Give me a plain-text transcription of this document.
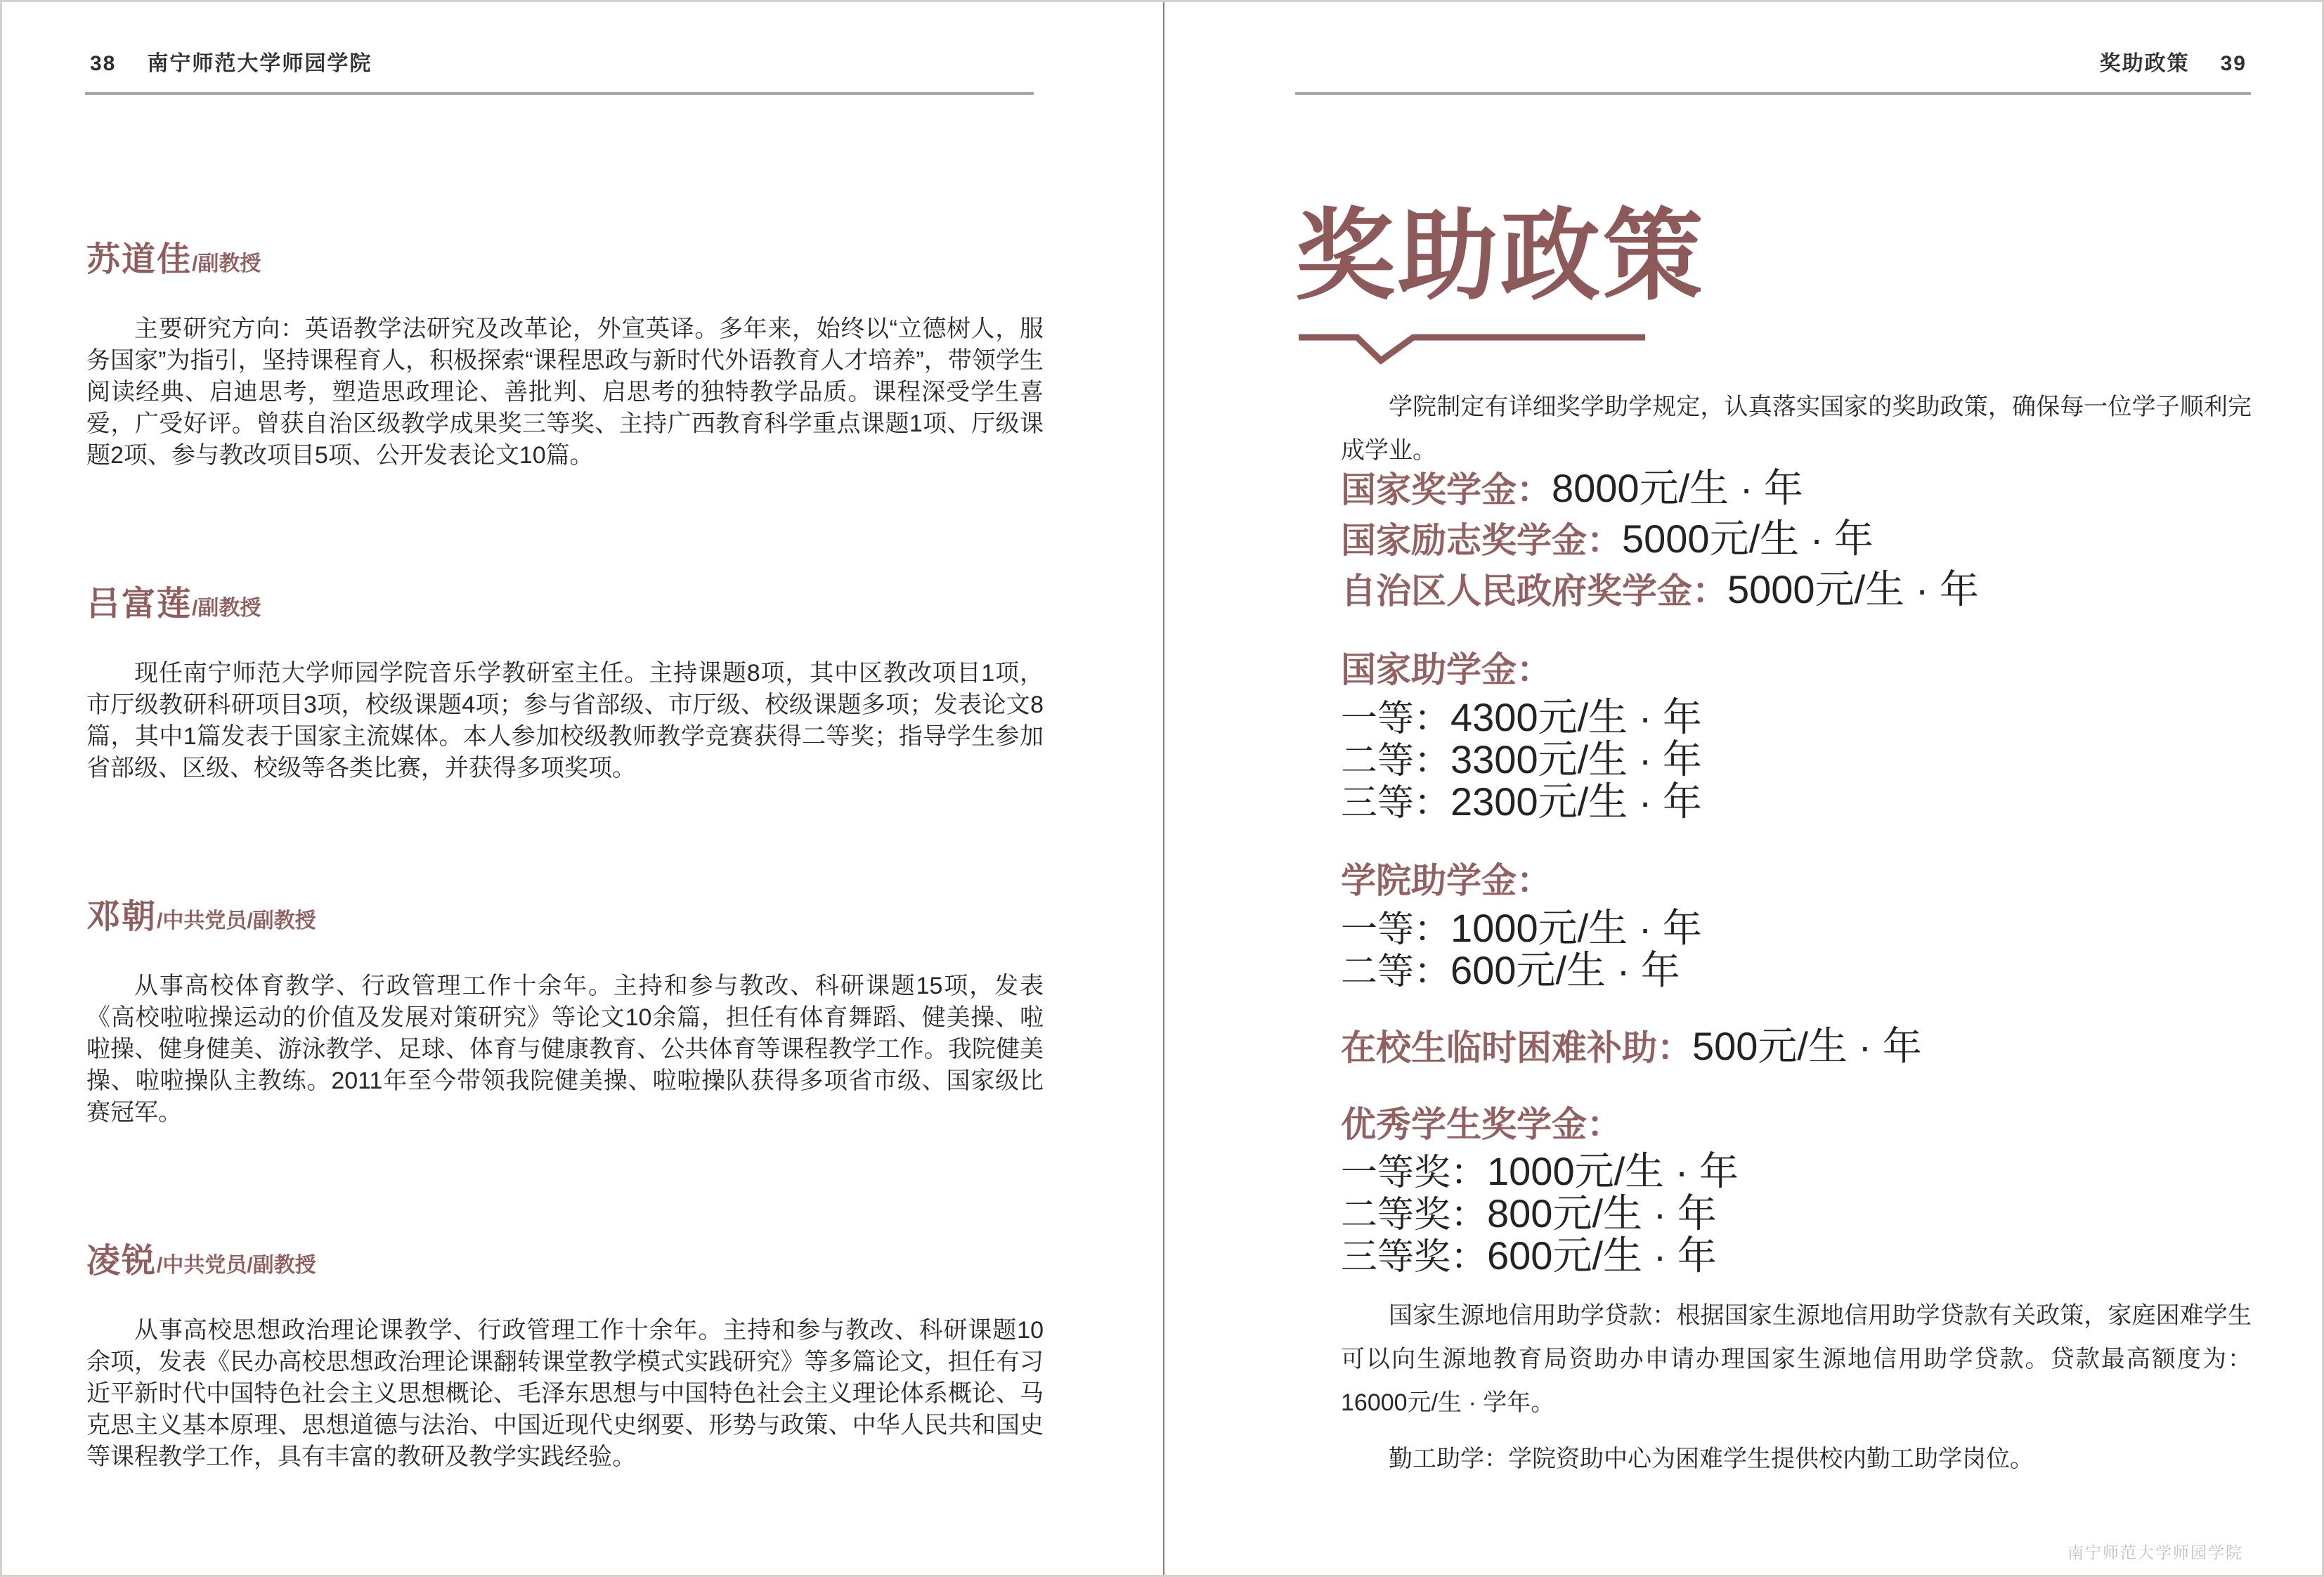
38 南宁师范大学师园学院
苏道佳/副教授

主要研究方向：英语教学法研究及改革论，外宣英译。多年来，始终以“立德树人，服务国家”为指引，坚持课程育人，积极探索“课程思政与新时代外语教育人才培养”，带领学生阅读经典、启迪思考，塑造思政理论、善批判、启思考的独特教学品质。课程深受学生喜爱，广受好评。曾获自治区级教学成果奖三等奖、主持广西教育科学重点课题1项、厅级课题2项、参与教改项目5项、公开发表论文10篇。

吕富莲/副教授

现任南宁师范大学师园学院音乐学教研室主任。主持课题8项，其中区教改项目1项，市厅级教研科研项目3项，校级课题4项；参与省部级、市厅级、校级课题多项；发表论文8篇，其中1篇发表于国家主流媒体。本人参加校级教师教学竞赛获得二等奖；指导学生参加省部级、区级、校级等各类比赛，并获得多项奖项。

邓朝/中共党员/副教授

从事高校体育教学、行政管理工作十余年。主持和参与教改、科研课题15项，发表《高校啦啦操运动的价值及发展对策研究》等论文10余篇，担任有体育舞蹈、健美操、啦啦操、健身健美、游泳教学、足球、体育与健康教育、公共体育等课程教学工作。我院健美操、啦啦操队主教练。2011年至今带领我院健美操、啦啦操队获得多项省市级、国家级比赛冠军。

凌锐/中共党员/副教授

从事高校思想政治理论课教学、行政管理工作十余年。主持和参与教改、科研课题10余项，发表《民办高校思想政治理论课翻转课堂教学模式实践研究》等多篇论文，担任有习近平新时代中国特色社会主义思想概论、毛泽东思想与中国特色社会主义理论体系概论、马克思主义基本原理、思想道德与法治、中国近现代史纲要、形势与政策、中华人民共和国史等课程教学工作，具有丰富的教研及教学实践经验。

奖助政策 39
奖助政策

学院制定有详细奖学助学规定，认真落实国家的奖助政策，确保每一位学子顺利完成学业。

国家奖学金：8000元/生 · 年
国家励志奖学金：5000元/生 · 年
自治区人民政府奖学金：5000元/生 · 年
国家助学金：
一等：4300元/生 · 年
二等：3300元/生 · 年
三等：2300元/生 · 年
学院助学金：
一等：1000元/生 · 年
二等：600元/生 · 年
在校生临时困难补助：500元/生 · 年
优秀学生奖学金：
一等奖：1000元/生 · 年
二等奖：800元/生 · 年
三等奖：600元/生 · 年

国家生源地信用助学贷款：根据国家生源地信用助学贷款有关政策，家庭困难学生可以向生源地教育局资助办申请办理国家生源地信用助学贷款。贷款最高额度为：16000元/生 · 学年。

勤工助学：学院资助中心为困难学生提供校内勤工助学岗位。

南宁师范大学师园学院
